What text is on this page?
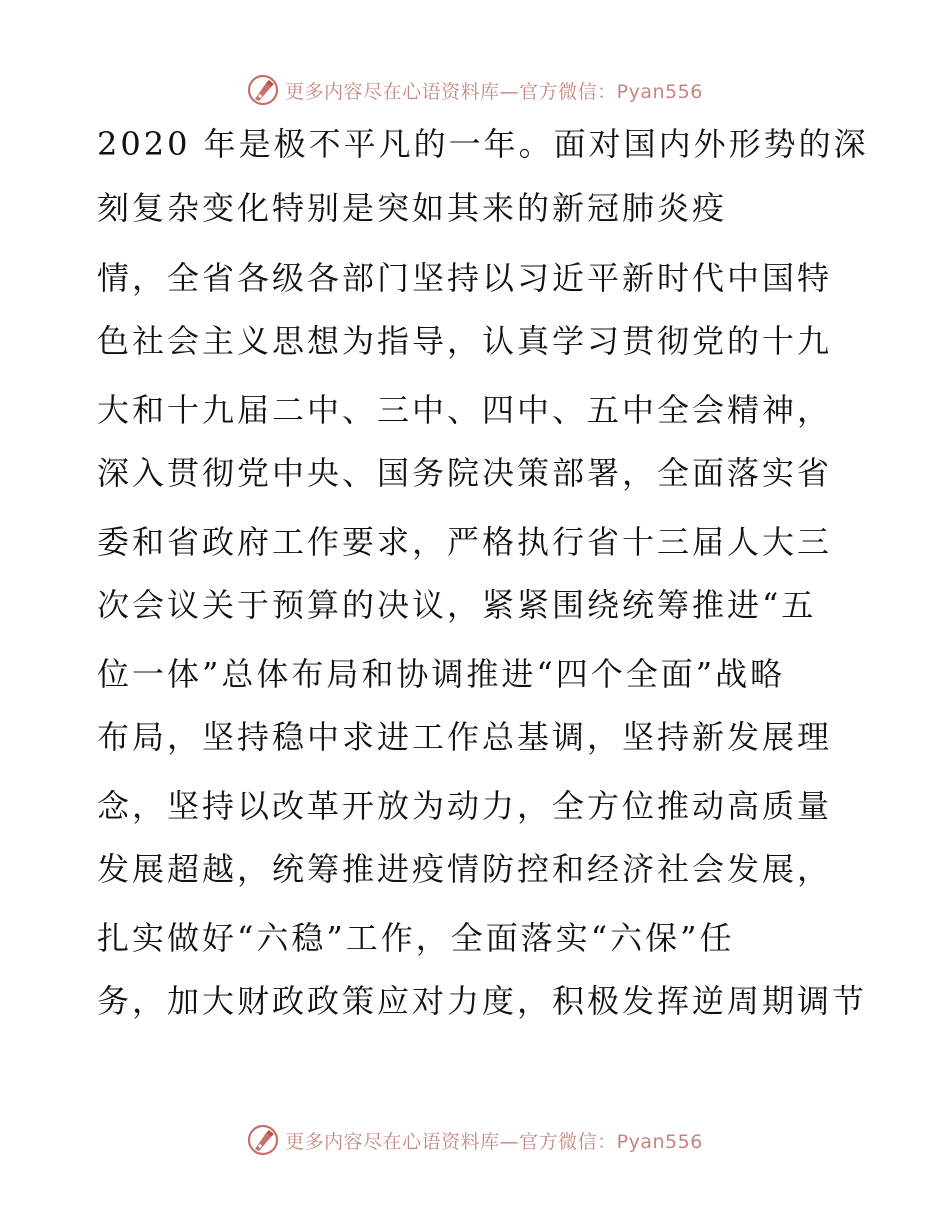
更多内容尽在心语资料库—官方微信：Pyan556
2020 年是极不平凡的一年。面对国内外形势的深
刻复杂变化特别是突如其来的新冠肺炎疫
情，全省各级各部门坚持以习近平新时代中国特
色社会主义思想为指导，认真学习贯彻党的十九
大和十九届二中、三中、四中、五中全会精神，
深入贯彻党中央、国务院决策部署，全面落实省
委和省政府工作要求，严格执行省十三届人大三
次会议关于预算的决议，紧紧围绕统筹推进“五
位一体”总体布局和协调推进“四个全面”战略
布局，坚持稳中求进工作总基调，坚持新发展理
念，坚持以改革开放为动力，全方位推动高质量
发展超越，统筹推进疫情防控和经济社会发展，
扎实做好“六稳”工作，全面落实“六保”任
务，加大财政政策应对力度，积极发挥逆周期调节
更多内容尽在心语资料库—官方微信：Pyan556
